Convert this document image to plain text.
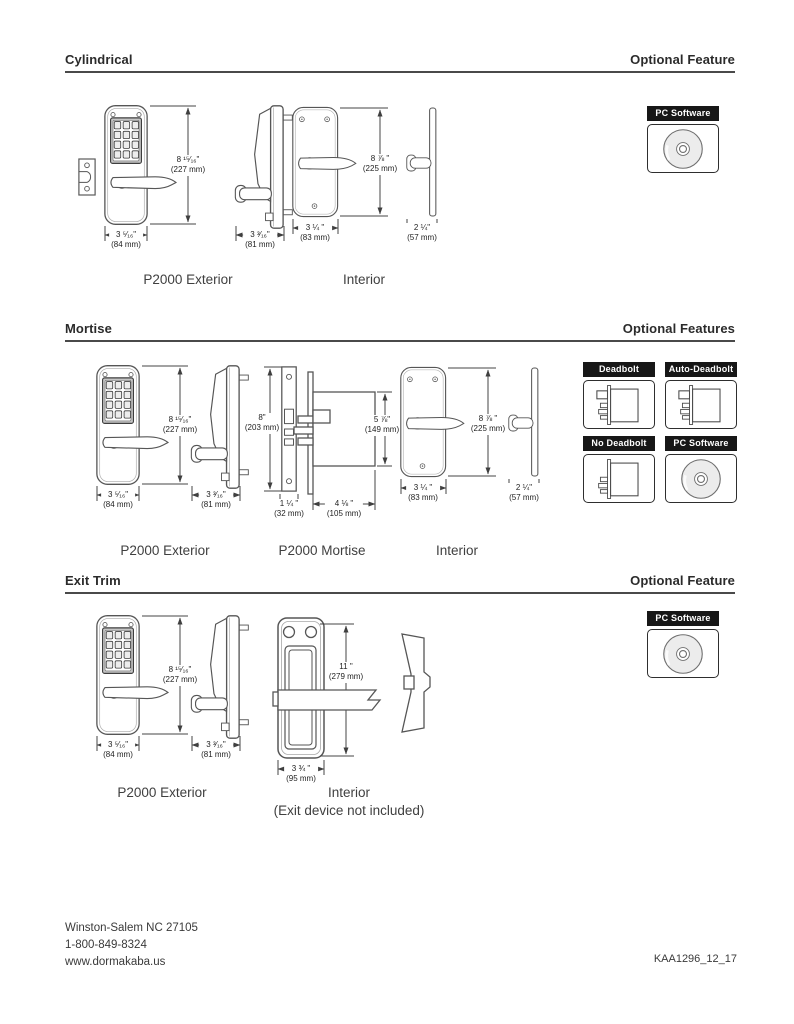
Cylindrical	Optional Feature
8 ¹⁵⁄₁₆"
(227 mm)
3 ⁵⁄₁₆"
(84 mm)
3 ³⁄₁₆"
(81 mm)
8 ⅞ "
(225 mm)
3 ¼ "
(83 mm)
2 ¼"
(57 mm)
P2000 Exterior	Interior
PC Software
Mortise	Optional Features
8 ¹⁵⁄₁₆"
(227 mm)
3 ⁵⁄₁₆"
(84 mm)
3 ³⁄₁₆"
(81 mm)
8"
(203 mm)
5 ⅞"
(149 mm)
1 ¼ "
(32 mm)
4 ⅛ "
(105 mm)
8 ⅞ "
(225 mm)
3 ¼ "
(83 mm)
2 ¼"
(57 mm)
P2000 Exterior	P2000 Mortise	Interior
Deadbolt	Auto-Deadbolt
No Deadbolt	PC Software
Exit Trim	Optional Feature
8 ¹⁵⁄₁₆"
(227 mm)
3 ⁵⁄₁₆"
(84 mm)
3 ³⁄₁₆"
(81 mm)
11 "
(279 mm)
3 ¾ "
(95 mm)
P2000 Exterior	Interior
(Exit device not included)
PC Software
Winston-Salem NC 27105
1-800-849-8324
www.dormakaba.us	KAA1296_12_17
